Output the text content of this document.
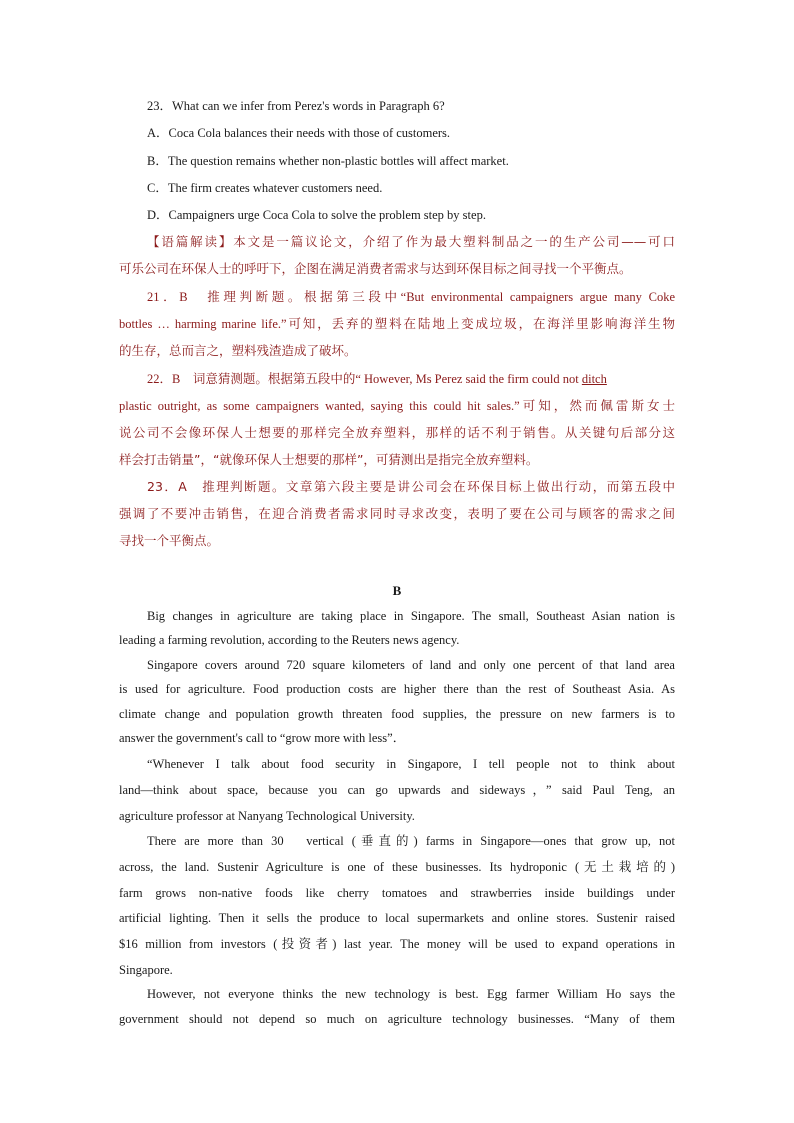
23．What can we infer from Perez's words in Paragraph 6?
A．Coca Cola balances their needs with those of customers.
B．The question remains whether non-plastic bottles will affect market.
C．The firm creates whatever customers need.
D．Campaigners urge Coca Cola to solve the problem step by step.
【语篇解读】本文是一篇议论文，介绍了作为最大塑料制品之一的生产公司——可口
可乐公司在环保人士的呼吁下，企图在满足消费者需求与达到环保目标之间寻找一个平衡点。
21．B　推理判断题。根据第三段中“But environmental campaigners argue many Coke
bottles … harming marine life.”可知，丢弃的塑料在陆地上变成垃圾，在海洋里影响海洋生物
的生存，总而言之，塑料残渣造成了破坏。
22．B　词意猜测题。根据第五段中的“ However, Ms Perez said the firm could not ditch
plastic outright, as some campaigners wanted, saying this could hit sales.”可知，然而佩雷斯女士
说公司不会像环保人士想要的那样完全放弃塑料，那样的话不利于销售。从关键句后部分这
样会打击销量”，“就像环保人士想要的那样”，可猜测出是指完全放弃塑料。
23．A　推理判断题。文章第六段主要是讲公司会在环保目标上做出行动，而第五段中
强调了不要冲击销售，在迎合消费者需求同时寻求改变，表明了要在公司与顾客的需求之间
寻找一个平衡点。
B
Big changes in agriculture are taking place in Singapore. The small, Southeast Asian nation is
leading a farming revolution, according to the Reuters news agency.
Singapore covers around 720 square kilometers of land and only one percent of that land area
is used for agriculture. Food production costs are higher there than the rest of Southeast Asia. As
climate change and population growth threaten food supplies, the pressure on new farmers is to
answer the government's call to “grow more with less”．
“Whenever I talk about food security in Singapore, I tell people not to think about
land—think about space, because you can go upwards and sideways，” said Paul Teng, an
agriculture professor at Nanyang Technological University.
There are more than 30　vertical (垂直的) farms in Singapore—ones that grow up, not
across, the land. Sustenir Agriculture is one of these businesses. Its hydroponic (无土栽培的)
farm grows non-native foods like cherry tomatoes and strawberries inside buildings under
artificial lighting. Then it sells the produce to local supermarkets and online stores. Sustenir raised
$16 million from investors (投资者) last year. The money will be used to expand operations in
Singapore.
However, not everyone thinks the new technology is best. Egg farmer William Ho says the
government should not depend so much on agriculture technology businesses. “Many of them
